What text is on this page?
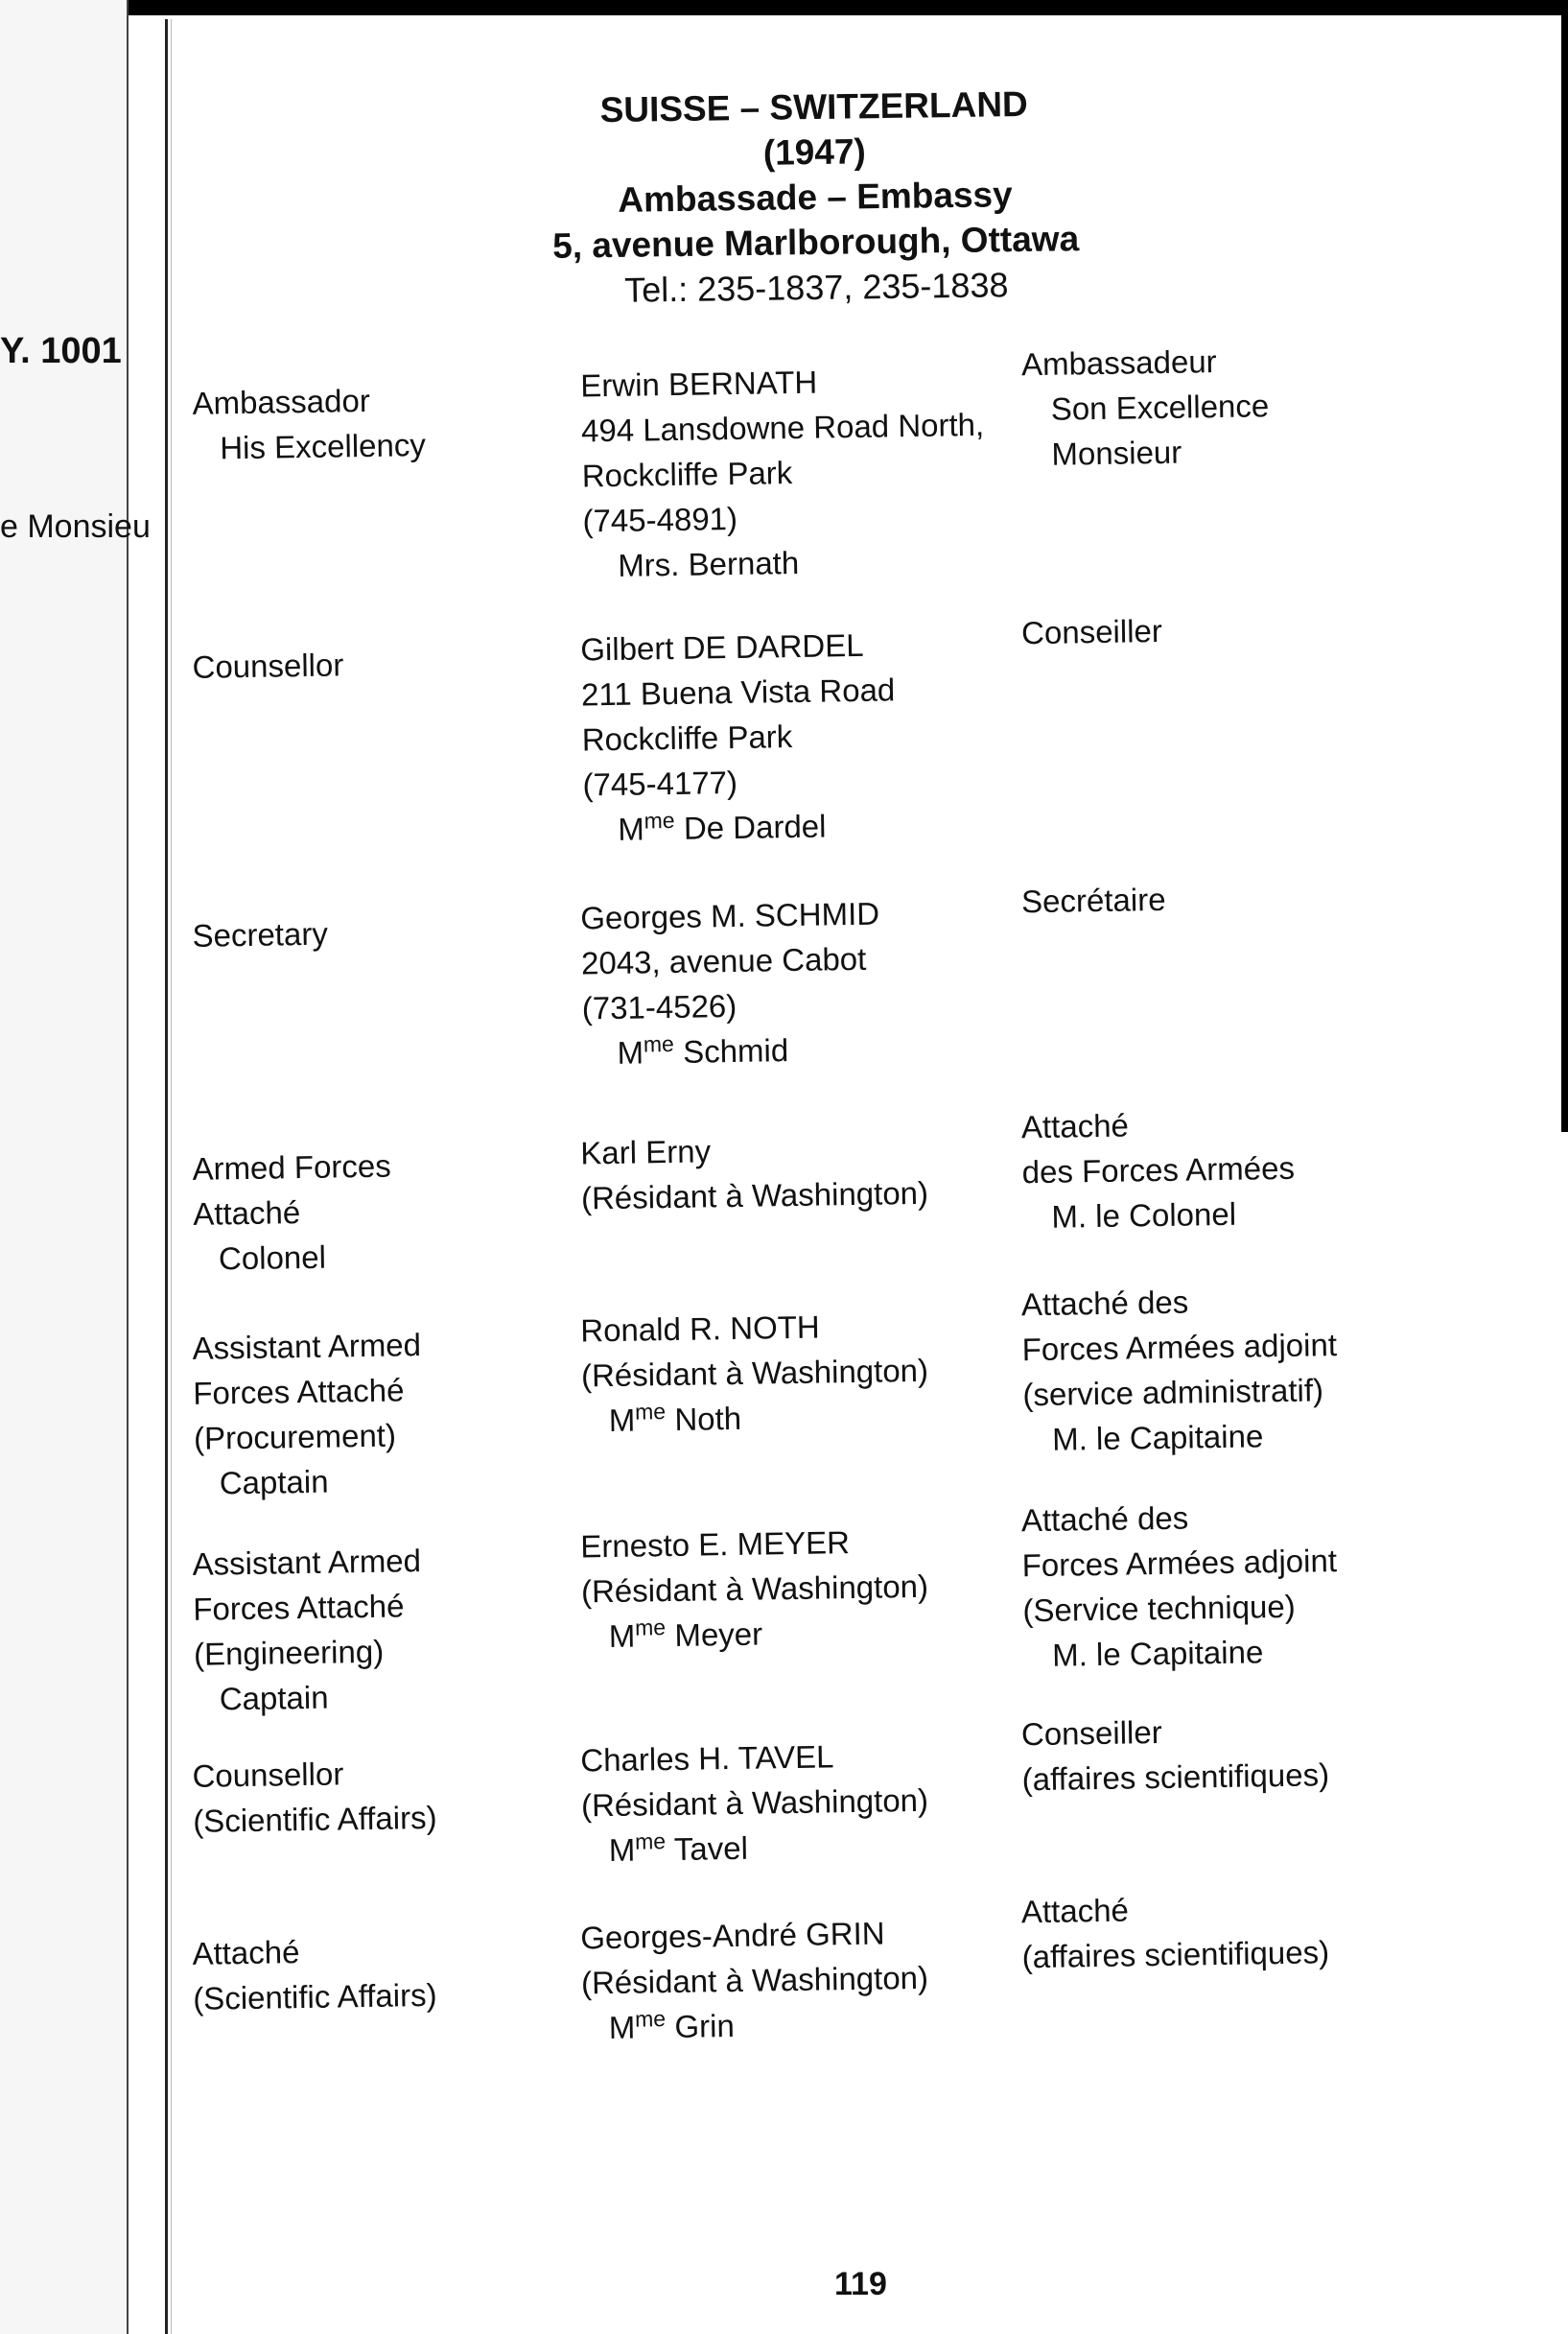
Y. 1001
e Monsieu
SUISSE – SWITZERLAND
(1947)
Ambassade – Embassy
5, avenue Marlborough, Ottawa
Tel.: 235-1837, 235-1838
Ambassador
His Excellency
Erwin BERNATH
494 Lansdowne Road North,
Rockcliffe Park
(745-4891)
Mrs. Bernath
Ambassadeur
Son Excellence
Monsieur
Counsellor	Gilbert DE DARDEL
211 Buena Vista Road
Rockcliffe Park
(745-4177)
$M^{me}$ De Dardel
Conseiller
Secretary	Georges M. SCHMID
2043, avenue Cabot
(731-4526)
$M^{me}$ Schmid
Secrétaire
Armed Forces
Attaché
Colonel
Karl Erny
(Résidant à Washington)
Attaché
des Forces Armées
M. le Colonel
Assistant Armed
Forces Attaché
(Procurement)
Captain
Ronald R. NOTH
(Résidant à Washington)
$M^{me}$ Noth
Attaché des
Forces Armées adjoint
(service administratif)
M. le Capitaine
Assistant Armed
Forces Attaché
(Engineering)
Captain
Ernesto E. MEYER
(Résidant à Washington)
$M^{me}$ Meyer
Attaché des
Forces Armées adjoint
(Service technique)
M. le Capitaine
Counsellor
(Scientific Affairs)
Charles H. TAVEL
(Résidant à Washington)
$M^{me}$ Tavel
Conseiller
(affaires scientifiques)
Attaché
(Scientific Affairs)
Georges-André GRIN
(Résidant à Washington)
$M^{me}$ Grin
Attaché
(affaires scientifiques)
119
